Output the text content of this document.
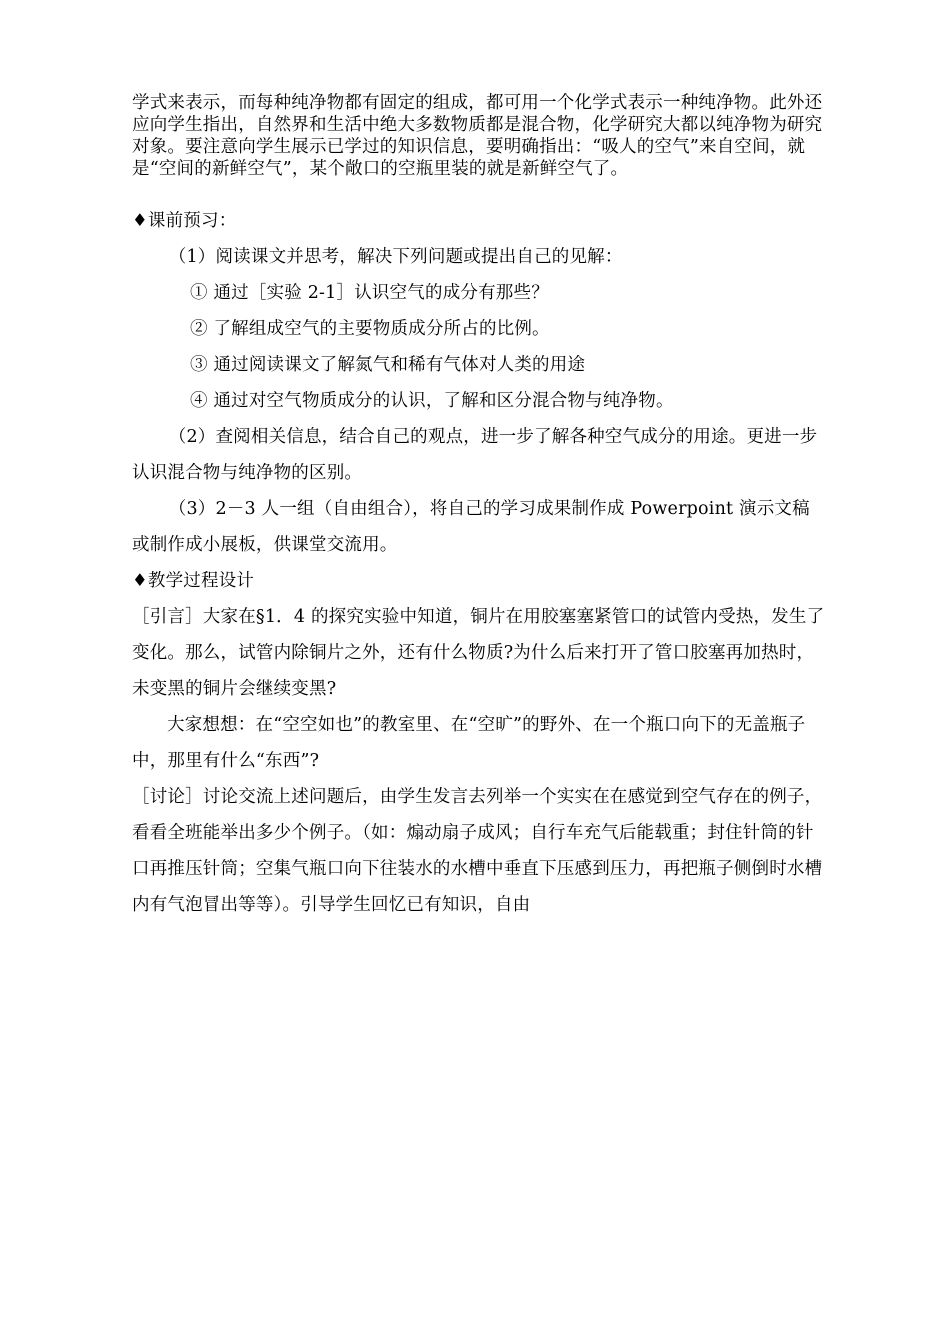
学式来表示，而每种纯净物都有固定的组成，都可用一个化学式表示一种纯净物。此外还应向学生指出，自然界和生活中绝大多数物质都是混合物，化学研究大都以纯净物为研究对象。要注意向学生展示已学过的知识信息，要明确指出：“吸人的空气”来自空间，就是“空间的新鲜空气”，某个敞口的空瓶里装的就是新鲜空气了。

♦课前预习：

（1）阅读课文并思考，解决下列问题或提出自己的见解：

① 通过［实验 2-1］认识空气的成分有那些？

② 了解组成空气的主要物质成分所占的比例。

③ 通过阅读课文了解氮气和稀有气体对人类的用途

④ 通过对空气物质成分的认识，了解和区分混合物与纯净物。

（2）查阅相关信息，结合自己的观点，进一步了解各种空气成分的用途。更进一步认识混合物与纯净物的区别。

（3）2－3 人一组（自由组合），将自己的学习成果制作成 Powerpoint 演示文稿或制作成小展板，供课堂交流用。

♦教学过程设计

［引言］大家在§1．4 的探究实验中知道，铜片在用胶塞塞紧管口的试管内受热，发生了变化。那么，试管内除铜片之外，还有什么物质?为什么后来打开了管口胶塞再加热时，未变黑的铜片会继续变黑?

大家想想：在“空空如也”的教室里、在“空旷”的野外、在一个瓶口向下的无盖瓶子中，那里有什么“东西”?

［讨论］讨论交流上述问题后，由学生发言去列举一个实实在在感觉到空气存在的例子，看看全班能举出多少个例子。（如：煽动扇子成风；自行车充气后能载重；封住针筒的针口再推压针筒；空集气瓶口向下往装水的水槽中垂直下压感到压力，再把瓶子侧倒时水槽内有气泡冒出等等）。引导学生回忆已有知识，自由
